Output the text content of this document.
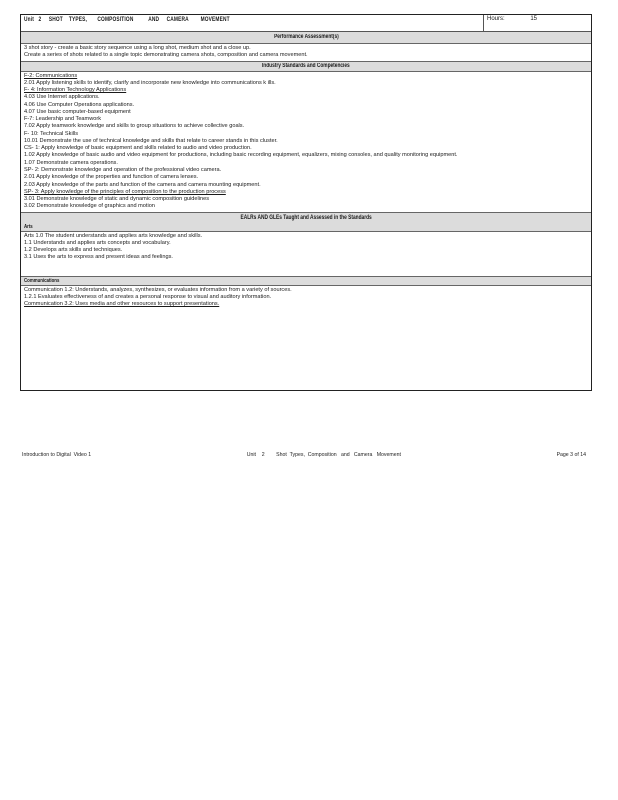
Unit   2     SHOT    TYPES,       COMPOSITION          AND     CAMERA        MOVEMENT	Hours:	15
Performance Assessment(s)
3 shot story - create a basic story sequence using a long shot, medium shot and a close up.
Create a series of shots related to a single topic demonstrating camera shots, composition and camera movement.
Industry Standards and Competencies
F-2: Communications
2.01 Apply listening skills to identify, clarify and incorporate new knowledge into communications k ills.
F- 4: Information Technology Applications
4.03 Use Internet applications.
4.06 Use Computer Operations applications.
4.07 Use basic computer-based equipment
F-7: Leadership and Teamwork
7.02 Apply teamwork knowledge and skills to group situations to achieve collective goals.
F- 10: Technical Skills
10.01 Demonstrate the use of technical knowledge and skills that relate to career stands in this cluster.
CS- 1: Apply knowledge of basic equipment and skills related to audio and video production.
1.02 Apply knowledge of basic audio and video equipment for productions, including basic recording equipment, equalizers, mixing consoles, and quality monitoring equipment.
1.07 Demonstrate camera operations.
SP- 2: Demonstrate knowledge and operation of the professional video camera.
2.01 Apply knowledge of the properties and function of camera lenses.
2.03 Apply knowledge of the parts and function of the camera and camera mounting equipment.
SP- 3: Apply knowledge of the principles of composition to the production process
3.01 Demonstrate knowledge of static and dynamic composition guidelines
3.02 Demonstrate knowledge of graphics and motion
EALRs AND GLEs Taught and Assessed in the Standards
Arts
Arts 1.0 The student understands and applies arts knowledge and skills.
1.1 Understands and applies arts concepts and vocabulary.
1.2 Develops arts skills and techniques.
3.1 Uses the arts to express and present ideas and feelings.
Communications
Communication 1.2: Understands, analyzes, synthesizes, or evaluates information from a variety of sources.
1.2.1 Evaluates effectiveness of and creates a personal response to visual and auditory information.
Communication 3.2: Uses media and other resources to support presentations.
Introduction to Digital  Video 1	Unit    2        Shot  Types,  Composition   and   Camera   Movement	Page 3 of 14
